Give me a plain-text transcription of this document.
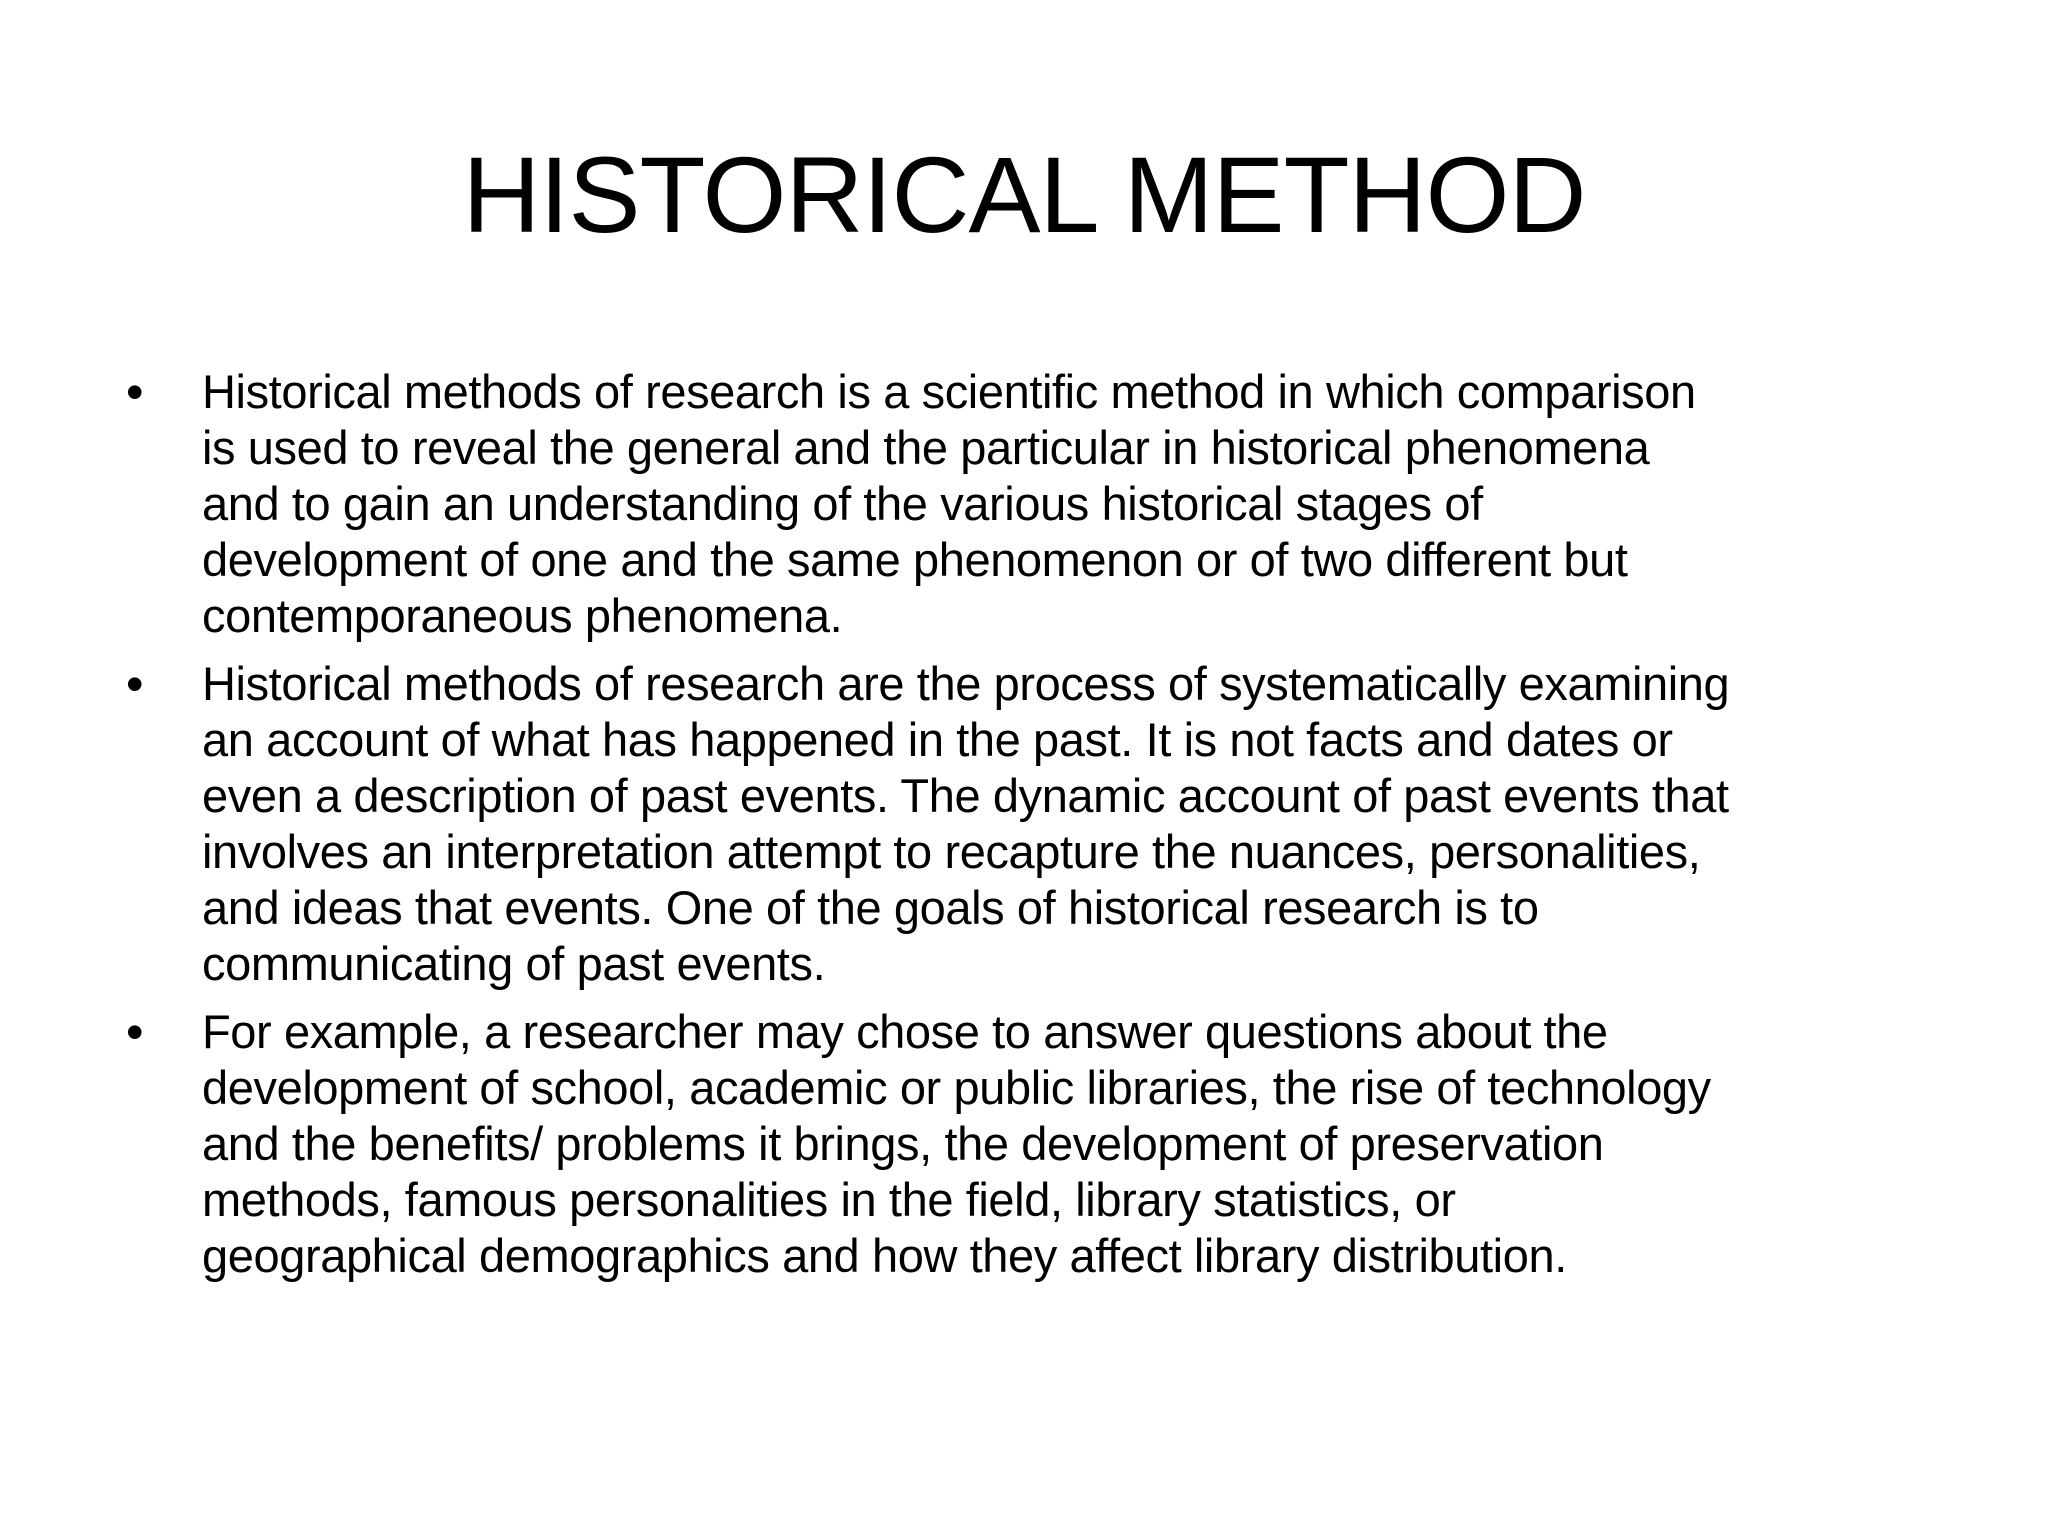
HISTORICAL METHOD
• Historical methods of research is a scientific method in which comparison
is used to reveal the general and the particular in historical phenomena
and to gain an understanding of the various historical stages of
development of one and the same phenomenon or of two different but
contemporaneous phenomena.
• Historical methods of research are the process of systematically examining
an account of what has happened in the past. It is not facts and dates or
even a description of past events. The dynamic account of past events that
involves an interpretation attempt to recapture the nuances, personalities,
and ideas that events. One of the goals of historical research is to
communicating of past events.
• For example, a researcher may chose to answer questions about the
development of school, academic or public libraries, the rise of technology
and the benefits/ problems it brings, the development of preservation
methods, famous personalities in the field, library statistics, or
geographical demographics and how they affect library distribution.
